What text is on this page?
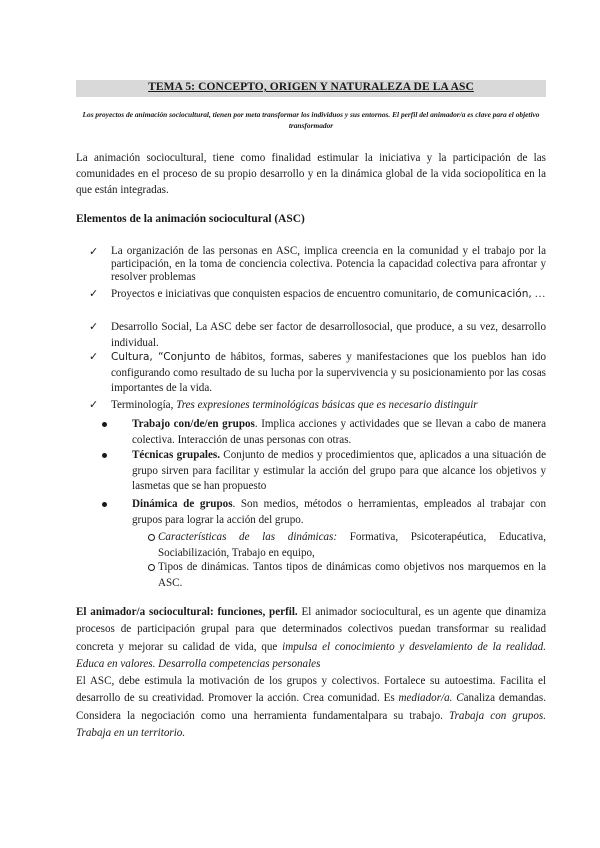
TEMA 5: CONCEPTO, ORIGEN Y NATURALEZA DE LA ASC
Los proyectos de animación sociocultural, tienen por meta transformar los individuos y sus entornos. El perfil del animador/a es clave para el objetivo transformador
La animación sociocultural, tiene como finalidad estimular la iniciativa y la participación de las comunidades en el proceso de su propio desarrollo y en la dinámica global de la vida sociopolítica en la que están integradas.
Elementos de la animación sociocultural (ASC)
✓ La organización de las personas en ASC, implica creencia en la comunidad y el trabajo por la participación, en la toma de conciencia colectiva. Potencia la capacidad colectiva para afrontar y resolver problemas
✓ Proyectos e iniciativas que conquisten espacios de encuentro comunitario, de comunicación, …
✓ Desarrollo Social, La ASC debe ser factor de desarrollosocial, que produce, a su vez, desarrollo individual.
✓ Cultura, “Conjunto de hábitos, formas, saberes y manifestaciones que los pueblos han ido configurando como resultado de su lucha por la supervivencia y su posicionamiento por las cosas importantes de la vida.
✓ Terminología, Tres expresiones terminológicas básicas que es necesario distinguir
Trabajo con/de/en grupos. Implica acciones y actividades que se llevan a cabo de manera colectiva. Interacción de unas personas con otras.
Técnicas grupales. Conjunto de medios y procedimientos que, aplicados a una situación de grupo sirven para facilitar y estimular la acción del grupo para que alcance los objetivos y lasmetas que se han propuesto
Dinámica de grupos. Son medios, métodos o herramientas, empleados al trabajar con grupos para lograr la acción del grupo.
Características de las dinámicas: Formativa, Psicoterapéutica, Educativa, Sociabilización, Trabajo en equipo,
Tipos de dinámicas. Tantos tipos de dinámicas como objetivos nos marquemos en la ASC.
El animador/a sociocultural: funciones, perfil. El animador sociocultural, es un agente que dinamiza procesos de participación grupal para que determinados colectivos puedan transformar su realidad concreta y mejorar su calidad de vida, que impulsa el conocimiento y desvelamiento de la realidad. Educa en valores. Desarrolla competencias personales
El ASC, debe estimula la motivación de los grupos y colectivos. Fortalece su autoestima. Facilita el desarrollo de su creatividad. Promover la acción. Crea comunidad. Es mediador/a. Canaliza demandas. Considera la negociación como una herramienta fundamentalpara su trabajo. Trabaja con grupos. Trabaja en un territorio.
